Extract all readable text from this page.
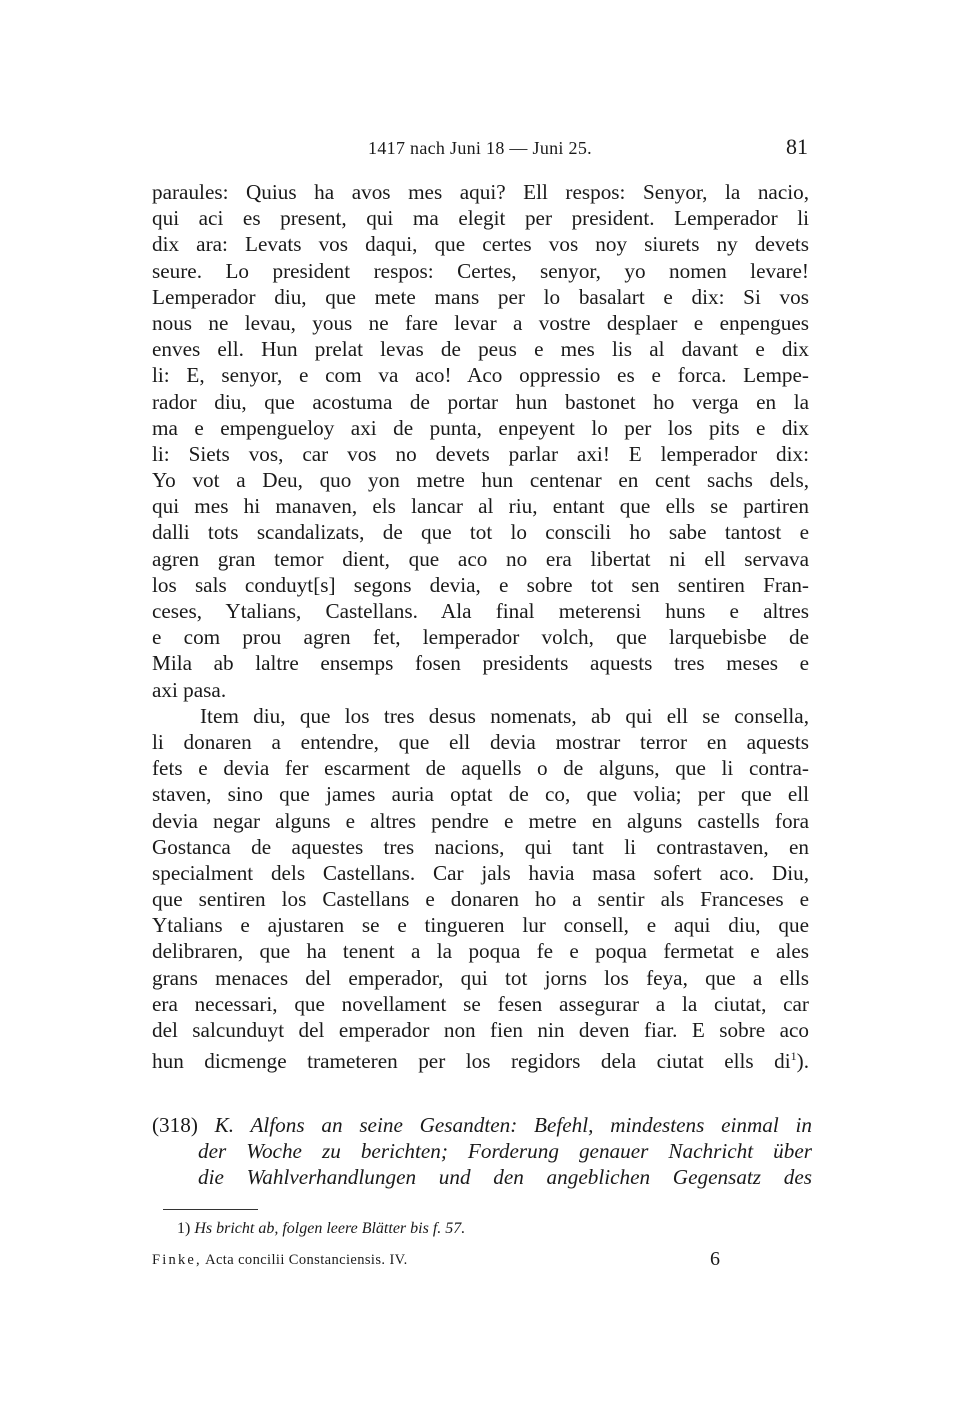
1417 nach Juni 18 — Juni 25.	81
paraules: Quius ha avos mes aqui? Ell respos: Senyor, la nacio,
qui aci es present, qui ma elegit per president. Lemperador li
dix ara: Levats vos daqui, que certes vos noy siurets ny devets
seure. Lo president respos: Certes, senyor, yo nomen levare!
Lemperador diu, que mete mans per lo basalart e dix: Si vos
nous ne levau, yous ne fare levar a vostre desplaer e enpengues
enves ell. Hun prelat levas de peus e mes lis al davant e dix
li: E, senyor, e com va aco! Aco oppressio es e forca. Lempe-
rador diu, que acostuma de portar hun bastonet ho verga en la
ma e empengueloy axi de punta, enpeyent lo per los pits e dix
li: Siets vos, car vos no devets parlar axi! E lemperador dix:
Yo vot a Deu, quo yon metre hun centenar en cent sachs dels,
qui mes hi manaven, els lancar al riu, entant que ells se partiren
dalli tots scandalizats, de que tot lo conscili ho sabe tantost e
agren gran temor dient, que aco no era libertat ni ell servava
los sals conduyt[s] segons devia, e sobre tot sen sentiren Fran-
ceses, Ytalians, Castellans. Ala final meterensi huns e altres
e com prou agren fet, lemperador volch, que larquebisbe de
Mila ab laltre ensemps fosen presidents aquests tres meses e
axi pasa.
Item diu, que los tres desus nomenats, ab qui ell se consella,
li donaren a entendre, que ell devia mostrar terror en aquests
fets e devia fer escarment de aquells o de alguns, que li contra-
staven, sino que james auria optat de co, que volia; per que ell
devia negar alguns e altres pendre e metre en alguns castells fora
Gostanca de aquestes tres nacions, qui tant li contrastaven, en
specialment dels Castellans. Car jals havia masa sofert aco. Diu,
que sentiren los Castellans e donaren ho a sentir als Franceses e
Ytalians e ajustaren se e tingueren lur consell, e aqui diu, que
delibraren, que ha tenent a la poqua fe e poqua fermetat e ales
grans menaces del emperador, qui tot jorns los feya, que a ells
era necessari, que novellament se fesen assegurar a la ciutat, car
del salcunduyt del emperador non fien nin deven fiar. E sobre aco
hun dicmenge trameteren per los regidors dela ciutat ells $di^1$).
(318) K. Alfons an seine Gesandten: Befehl, mindestens einmal in
der Woche zu berichten; Forderung genauer Nachricht über
die Wahlverhandlungen und den angeblichen Gegensatz des
1) Hs bricht ab, folgen leere Blätter bis f. 57.
Finke, Acta concilii Constanciensis. IV.	6
